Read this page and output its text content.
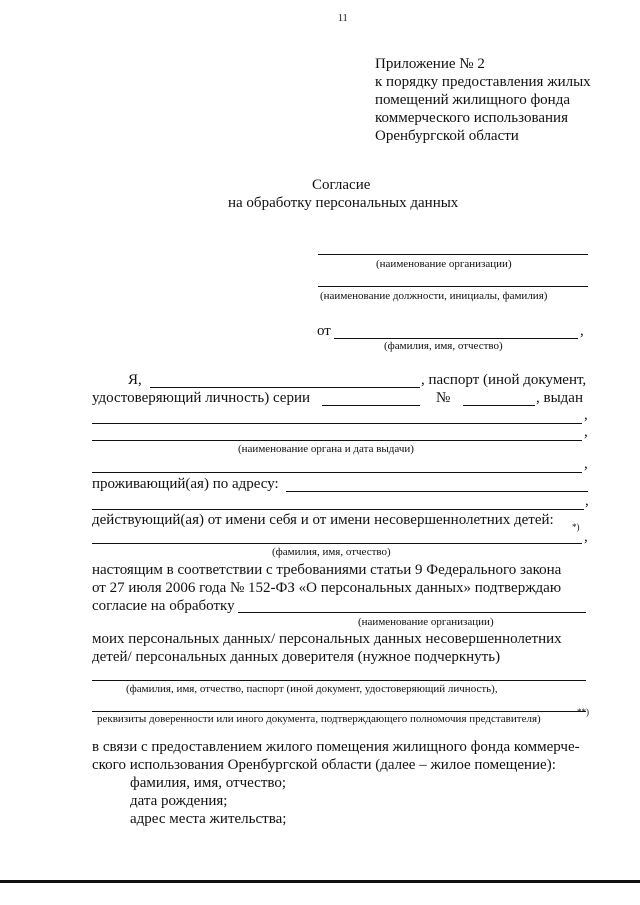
11
Приложение № 2
к порядку предоставления жилых
помещений жилищного фонда
коммерческого использования
Оренбургской области
Согласие
на обработку персональных данных
(наименование организации)
(наименование должности, инициалы, фамилия)
от	,
(фамилия, имя, отчество)
Я,	, паспорт (иной документ,
удостоверяющий личность) серии	№	, выдан
,
,
(наименование органа и дата выдачи)
,
проживающий(ая) по адресу:
,
действующий(ая) от имени себя и от имени несовершеннолетних детей: *)
,
(фамилия, имя, отчество)
настоящим в соответствии с требованиями статьи 9 Федерального закона
от 27 июля 2006 года № 152-ФЗ «О персональных данных» подтверждаю
согласие на обработку
(наименование организации)
моих персональных данных/ персональных данных несовершеннолетних
детей/ персональных данных доверителя (нужное подчеркнуть)
(фамилия, имя, отчество, паспорт (иной документ, удостоверяющий личность),
реквизиты доверенности или иного документа, подтверждающего полномочия представителя)
**)
в связи с предоставлением жилого помещения жилищного фонда коммерче-
ского использования Оренбургской области (далее – жилое помещение):
фамилия, имя, отчество;
дата рождения;
адрес места жительства;
